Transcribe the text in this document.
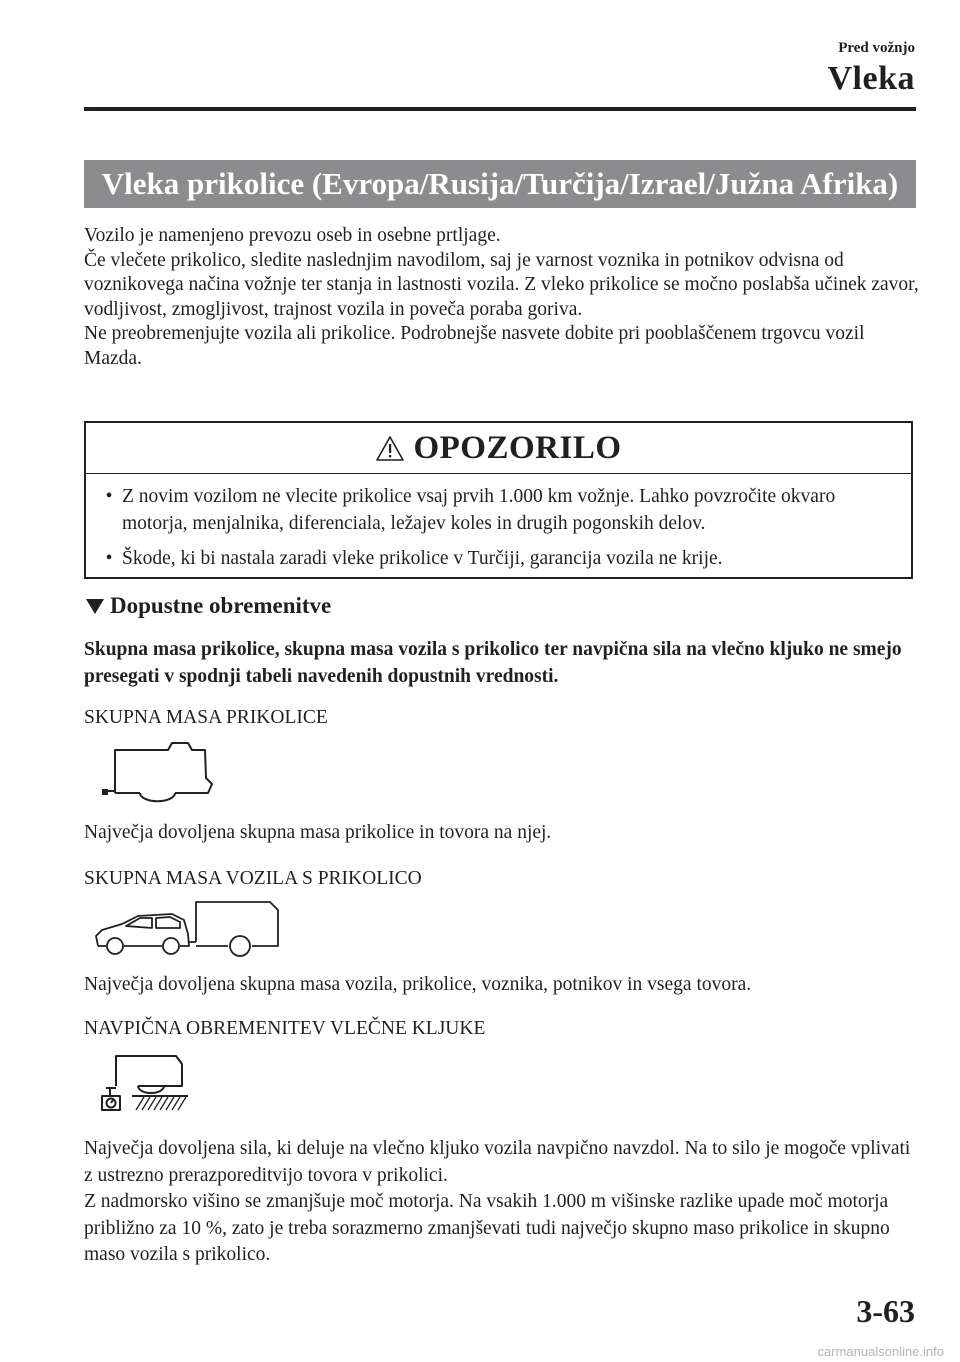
Pred vožnjo
Vleka
Vleka prikolice (Evropa/Rusija/Turčija/Izrael/Južna Afrika)

Vozilo je namenjeno prevozu oseb in osebne prtljage.

Če vlečete prikolico, sledite naslednjim navodilom, saj je varnost voznika in potnikov odvisna od voznikovega načina vožnje ter stanja in lastnosti vozila. Z vleko prikolice se močno poslabša učinek zavor, vodljivost, zmogljivost, trajnost vozila in poveča poraba goriva.

Ne preobremenjujte vozila ali prikolice. Podrobnejše nasvete dobite pri pooblaščenem trgovcu vozil Mazda.

OPOZORILO
• Z novim vozilom ne vlecite prikolice vsaj prvih 1.000 km vožnje. Lahko povzročite okvaro motorja, menjalnika, diferenciala, ležajev koles in drugih pogonskih delov.
• Škode, ki bi nastala zaradi vleke prikolice v Turčiji, garancija vozila ne krije.
Dopustne obremenitve
Skupna masa prikolice, skupna masa vozila s prikolico ter navpična sila na vlečno kljuko ne smejo presegati v spodnji tabeli navedenih dopustnih vrednosti.
SKUPNA MASA PRIKOLICE
Največja dovoljena skupna masa prikolice in tovora na njej.
SKUPNA MASA VOZILA S PRIKOLICO
Največja dovoljena skupna masa vozila, prikolice, voznika, potnikov in vsega tovora.
NAVPIČNA OBREMENITEV VLEČNE KLJUKE
Največja dovoljena sila, ki deluje na vlečno kljuko vozila navpično navzdol. Na to silo je mogoče vplivati z ustrezno prerazporeditvijo tovora v prikolici.
Z nadmorsko višino se zmanjšuje moč motorja. Na vsakih 1.000 m višinske razlike upade moč motorja približno za 10 %, zato je treba sorazmerno zmanjševati tudi največjo skupno maso prikolice in skupno maso vozila s prikolico.
3-63
carmanualsonline.info
